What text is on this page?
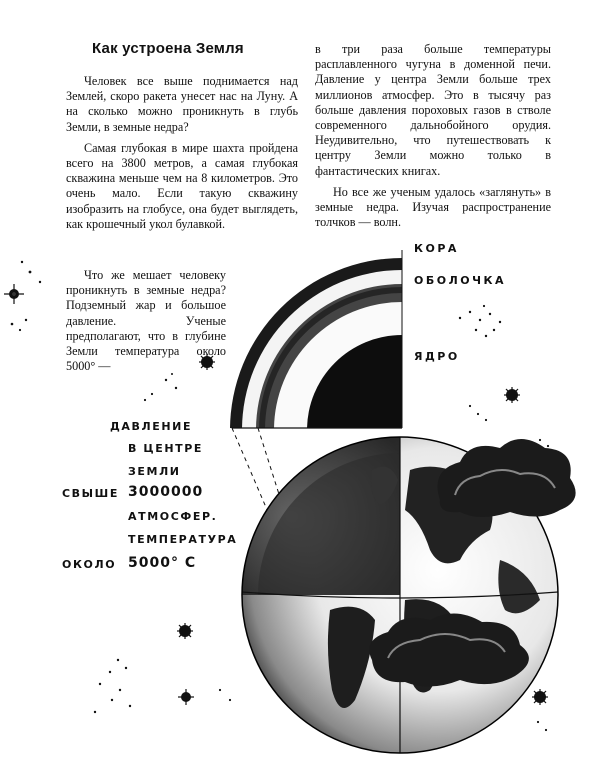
Как устроена Земля

Человек все выше поднимается над Землей, скоро ракета унесет нас на Луну. А на сколько можно проникнуть в глубь Земли, в земные недра?

Самая глубокая в мире шахта пройдена всего на 3800 метров, а самая глубокая скважина меньше чем на 8 километров. Это очень мало. Если такую скважину изобразить на глобусе, она будет выглядеть, как крошечный укол булавкой.

Что же мешает человеку проникнуть в земные недра? Подземный жар и большое давление. Ученые предполагают, что в глубине Земли температура около 5000° —

в три раза больше температуры расплавленного чугуна в доменной печи. Давление у центра Земли больше трех миллионов атмосфер. Это в тысячу раз больше давления пороховых газов в стволе современного дальнобойного орудия. Неудивительно, что путешествовать к центру Земли можно только в фантастических книгах.

Но все же ученым удалось «заглянуть» в земные недра. Изучая распространение толчков — волн.

КОРА
ОБОЛОЧКА
ЯДРО
ДАВЛЕНИЕ
В ЦЕНТРЕ
ЗЕМЛИ
СВЫШЕ 3000000
АТМОСФЕР.
ТЕМПЕРАТУРА
ОКОЛО 5000° С
